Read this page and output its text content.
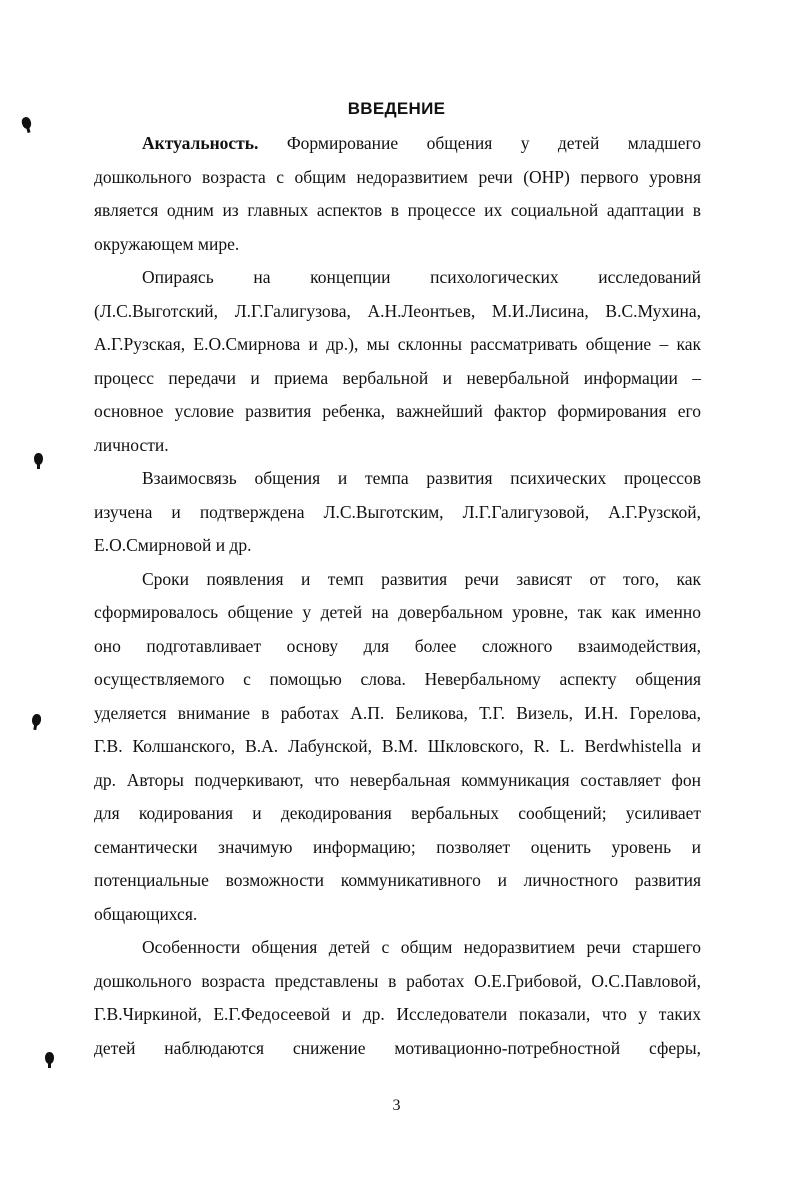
ВВЕДЕНИЕ
Актуальность. Формирование общения у детей младшего
дошкольного возраста с общим недоразвитием речи (ОНР) первого уровня
является одним из главных аспектов в процессе их социальной адаптации в
окружающем мире.
Опираясь на концепции психологических исследований
(Л.С.Выготский, Л.Г.Галигузова, А.Н.Леонтьев, М.И.Лисина, В.С.Мухина,
А.Г.Рузская, Е.О.Смирнова и др.), мы склонны рассматривать общение – как
процесс передачи и приема вербальной и невербальной информации –
основное условие развития ребенка, важнейший фактор формирования его
личности.
Взаимосвязь общения и темпа развития психических процессов
изучена и подтверждена Л.С.Выготским, Л.Г.Галигузовой, А.Г.Рузской,
Е.О.Смирновой и др.
Сроки появления и темп развития речи зависят от того, как
сформировалось общение у детей на довербальном уровне, так как именно
оно подготавливает основу для более сложного взаимодействия,
осуществляемого с помощью слова. Невербальному аспекту общения
уделяется внимание в работах А.П. Беликова, Т.Г. Визель, И.Н. Горелова,
Г.В. Колшанского, В.А. Лабунской, В.М. Шкловского, R. L. Berdwhistella и
др. Авторы подчеркивают, что невербальная коммуникация составляет фон
для кодирования и декодирования вербальных сообщений; усиливает
семантически значимую информацию; позволяет оценить уровень и
потенциальные возможности коммуникативного и личностного развития
общающихся.
Особенности общения детей с общим недоразвитием речи старшего
дошкольного возраста представлены в работах О.Е.Грибовой, О.С.Павловой,
Г.В.Чиркиной, Е.Г.Федосеевой и др. Исследователи показали, что у таких
детей наблюдаются снижение мотивационно-потребностной сферы,
3
